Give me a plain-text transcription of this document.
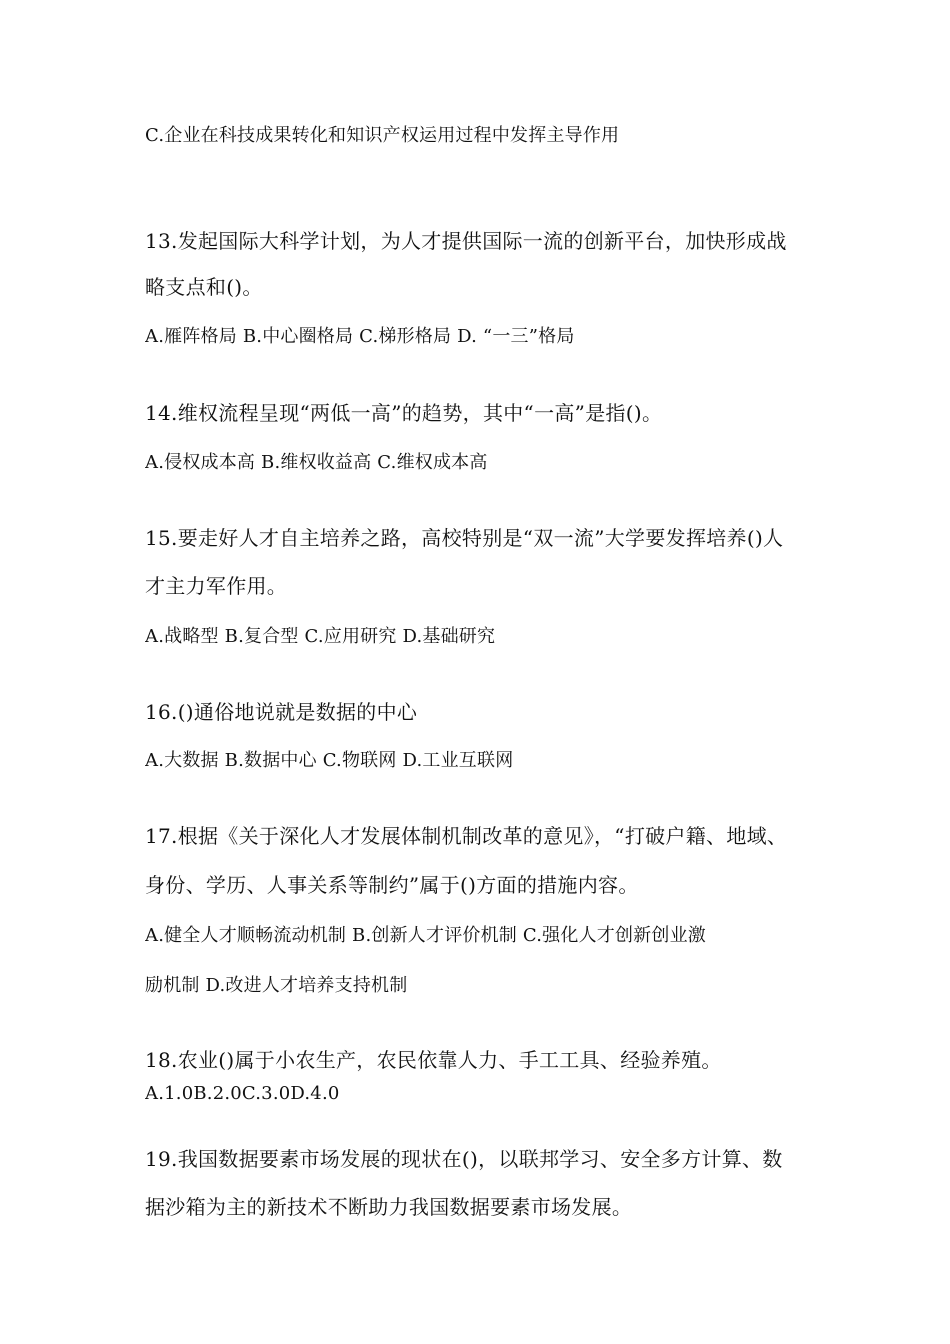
C.企业在科技成果转化和知识产权运用过程中发挥主导作用
13.发起国际大科学计划，为人才提供国际一流的创新平台，加快形成战
略支点和()。
A.雁阵格局 B.中心圈格局 C.梯形格局 D. “一三”格局
14.维权流程呈现“两低一高”的趋势，其中“一高”是指()。
A.侵权成本高 B.维权收益高 C.维权成本高
15.要走好人才自主培养之路，高校特别是“双一流”大学要发挥培养()人
才主力军作用。
A.战略型 B.复合型 C.应用研究 D.基础研究
16.()通俗地说就是数据的中心
A.大数据 B.数据中心 C.物联网 D.工业互联网
17.根据《关于深化人才发展体制机制改革的意见》，“打破户籍、地域、
身份、学历、人事关系等制约”属于()方面的措施内容。
A.健全人才顺畅流动机制 B.创新人才评价机制 C.强化人才创新创业激
励机制 D.改进人才培养支持机制
18.农业()属于小农生产，农民依靠人力、手工工具、经验养殖。
A.1.0B.2.0C.3.0D.4.0
19.我国数据要素市场发展的现状在()，以联邦学习、安全多方计算、数
据沙箱为主的新技术不断助力我国数据要素市场发展。
